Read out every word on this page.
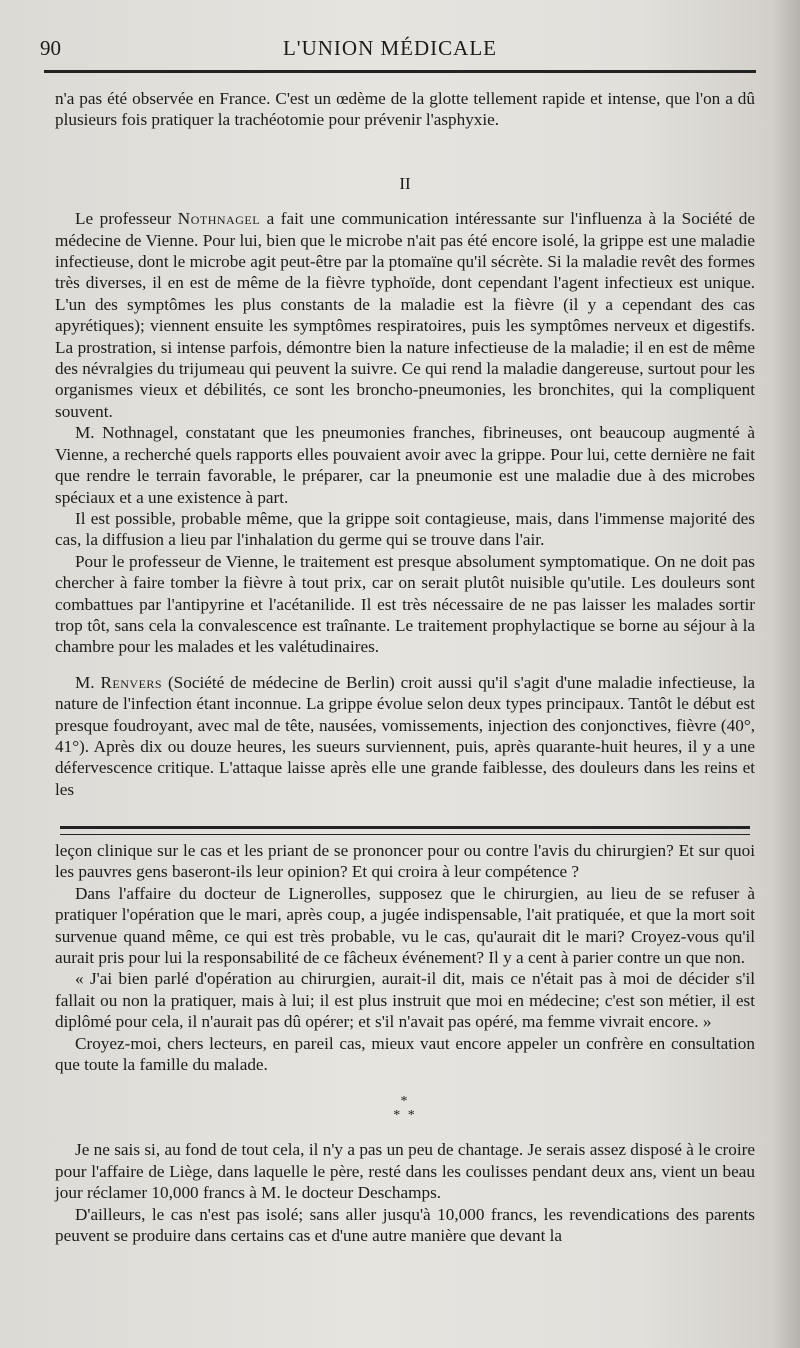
90	L'UNION MÉDICALE

n'a pas été observée en France. C'est un œdème de la glotte tellement rapide et intense, que l'on a dû plusieurs fois pratiquer la trachéotomie pour prévenir l'asphyxie.

II

Le professeur Nothnagel a fait une communication intéressante sur l'influenza à la Société de médecine de Vienne. Pour lui, bien que le microbe n'ait pas été encore isolé, la grippe est une maladie infectieuse, dont le microbe agit peut-être par la ptomaïne qu'il sécrète. Si la maladie revêt des formes très diverses, il en est de même de la fièvre typhoïde, dont cependant l'agent infectieux est unique. L'un des symptômes les plus constants de la maladie est la fièvre (il y a cependant des cas apyrétiques); viennent ensuite les symptômes respiratoires, puis les symptômes nerveux et digestifs. La prostration, si intense parfois, démontre bien la nature infectieuse de la maladie; il en est de même des névralgies du trijumeau qui peuvent la suivre. Ce qui rend la maladie dangereuse, surtout pour les organismes vieux et débilités, ce sont les broncho-pneumonies, les bronchites, qui la compliquent souvent.

M. Nothnagel, constatant que les pneumonies franches, fibrineuses, ont beaucoup augmenté à Vienne, a recherché quels rapports elles pouvaient avoir avec la grippe. Pour lui, cette dernière ne fait que rendre le terrain favorable, le préparer, car la pneumonie est une maladie due à des microbes spéciaux et a une existence à part.

Il est possible, probable même, que la grippe soit contagieuse, mais, dans l'immense majorité des cas, la diffusion a lieu par l'inhalation du germe qui se trouve dans l'air.

Pour le professeur de Vienne, le traitement est presque absolument symptomatique. On ne doit pas chercher à faire tomber la fièvre à tout prix, car on serait plutôt nuisible qu'utile. Les douleurs sont combattues par l'antipyrine et l'acétanilide. Il est très nécessaire de ne pas laisser les malades sortir trop tôt, sans cela la convalescence est traînante. Le traitement prophylactique se borne au séjour à la chambre pour les malades et les valétudinaires.

M. Renvers (Société de médecine de Berlin) croit aussi qu'il s'agit d'une maladie infectieuse, la nature de l'infection étant inconnue. La grippe évolue selon deux types principaux. Tantôt le début est presque foudroyant, avec mal de tête, nausées, vomissements, injection des conjonctives, fièvre (40°, 41°). Après dix ou douze heures, les sueurs surviennent, puis, après quarante-huit heures, il y a une défervescence critique. L'attaque laisse après elle une grande faiblesse, des douleurs dans les reins et les

leçon clinique sur le cas et les priant de se prononcer pour ou contre l'avis du chirurgien? Et sur quoi les pauvres gens baseront-ils leur opinion? Et qui croira à leur compétence ?

Dans l'affaire du docteur de Lignerolles, supposez que le chirurgien, au lieu de se refuser à pratiquer l'opération que le mari, après coup, a jugée indispensable, l'ait pratiquée, et que la mort soit survenue quand même, ce qui est très probable, vu le cas, qu'aurait dit le mari? Croyez-vous qu'il aurait pris pour lui la responsabilité de ce fâcheux événement? Il y a cent à parier contre un que non.

« J'ai bien parlé d'opération au chirurgien, aurait-il dit, mais ce n'était pas à moi de décider s'il fallait ou non la pratiquer, mais à lui; il est plus instruit que moi en médecine; c'est son métier, il est diplômé pour cela, il n'aurait pas dû opérer; et s'il n'avait pas opéré, ma femme vivrait encore. »

Croyez-moi, chers lecteurs, en pareil cas, mieux vaut encore appeler un confrère en consultation que toute la famille du malade.

*
* *

Je ne sais si, au fond de tout cela, il n'y a pas un peu de chantage. Je serais assez disposé à le croire pour l'affaire de Liège, dans laquelle le père, resté dans les coulisses pendant deux ans, vient un beau jour réclamer 10,000 francs à M. le docteur Deschamps.

D'ailleurs, le cas n'est pas isolé; sans aller jusqu'à 10,000 francs, les revendications des parents peuvent se produire dans certains cas et d'une autre manière que devant la
